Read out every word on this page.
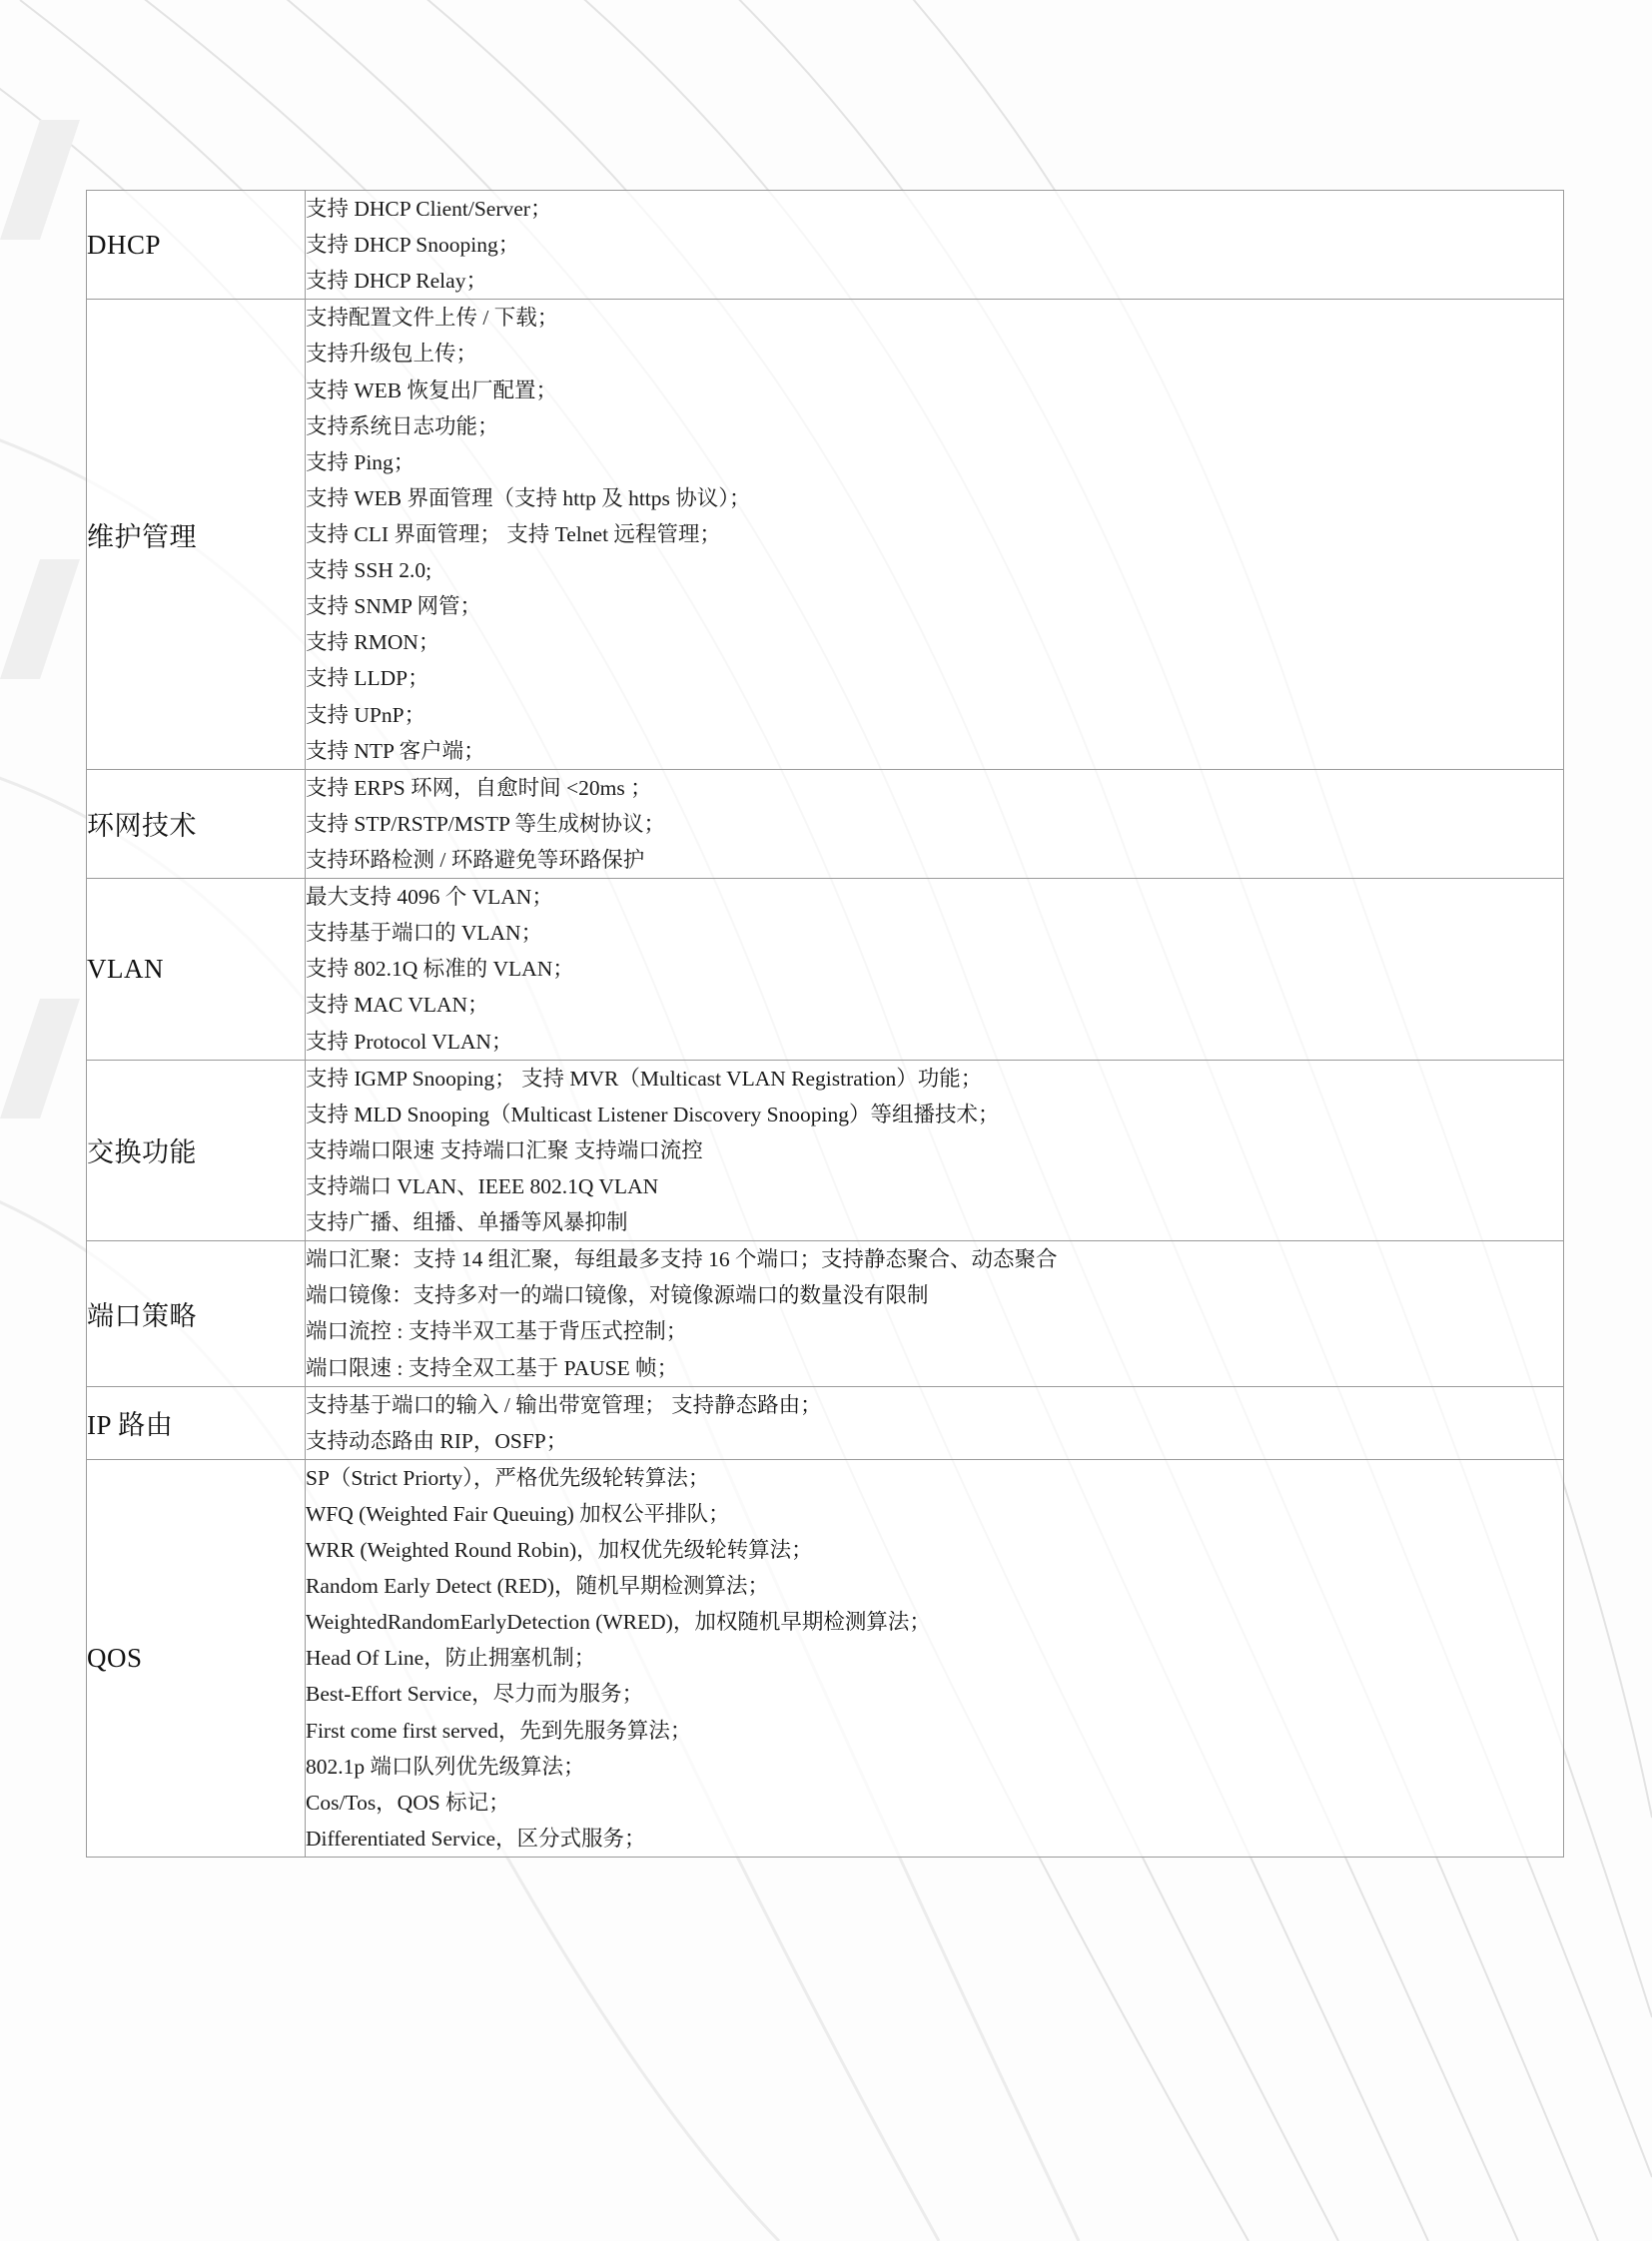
DHCP	支持 DHCP Client/Server；
支持 DHCP Snooping；
支持 DHCP Relay；

维护管理	
支持配置文件上传 / 下载；
支持升级包上传；
支持 WEB 恢复出厂配置；
支持系统日志功能；
支持 Ping；
支持 WEB 界面管理（支持 http 及 https 协议）；
支持 CLI 界面管理； 支持 Telnet 远程管理；
支持 SSH 2.0;
支持 SNMP 网管；
支持 RMON；
支持 LLDP；
支持 UPnP；
支持 NTP 客户端；

环网技术	支持 ERPS 环网，自愈时间 <20ms ；
支持 STP/RSTP/MSTP 等生成树协议；
支持环路检测 / 环路避免等环路保护

VLAN	最大支持 4096 个 VLAN；
支持基于端口的 VLAN；
支持 802.1Q 标准的 VLAN；
支持 MAC VLAN；
支持 Protocol VLAN；

交换功能	支持 IGMP Snooping； 支持 MVR（Multicast VLAN Registration）功能；
支持 MLD Snooping（Multicast Listener Discovery Snooping）等组播技术；
支持端口限速 支持端口汇聚 支持端口流控
支持端口 VLAN、IEEE 802.1Q VLAN
支持广播、组播、单播等风暴抑制

端口策略	端口汇聚：支持 14 组汇聚，每组最多支持 16 个端口；支持静态聚合、动态聚合
端口镜像：支持多对一的端口镜像，对镜像源端口的数量没有限制
端口流控 : 支持半双工基于背压式控制；
端口限速 : 支持全双工基于 PAUSE 帧；

IP 路由	支持基于端口的输入 / 输出带宽管理； 支持静态路由；
支持动态路由 RIP，OSFP；

QOS	
SP（Strict Priorty），严格优先级轮转算法；
WFQ (Weighted Fair Queuing) 加权公平排队；
WRR (Weighted Round Robin)，加权优先级轮转算法；
Random Early Detect (RED)，随机早期检测算法；
WeightedRandomEarlyDetection (WRED)，加权随机早期检测算法；
Head Of Line，防止拥塞机制；
Best-Effort Service，尽力而为服务；
First come first served，先到先服务算法；
802.1p 端口队列优先级算法；
Cos/Tos，QOS 标记；
Differentiated Service，区分式服务；
